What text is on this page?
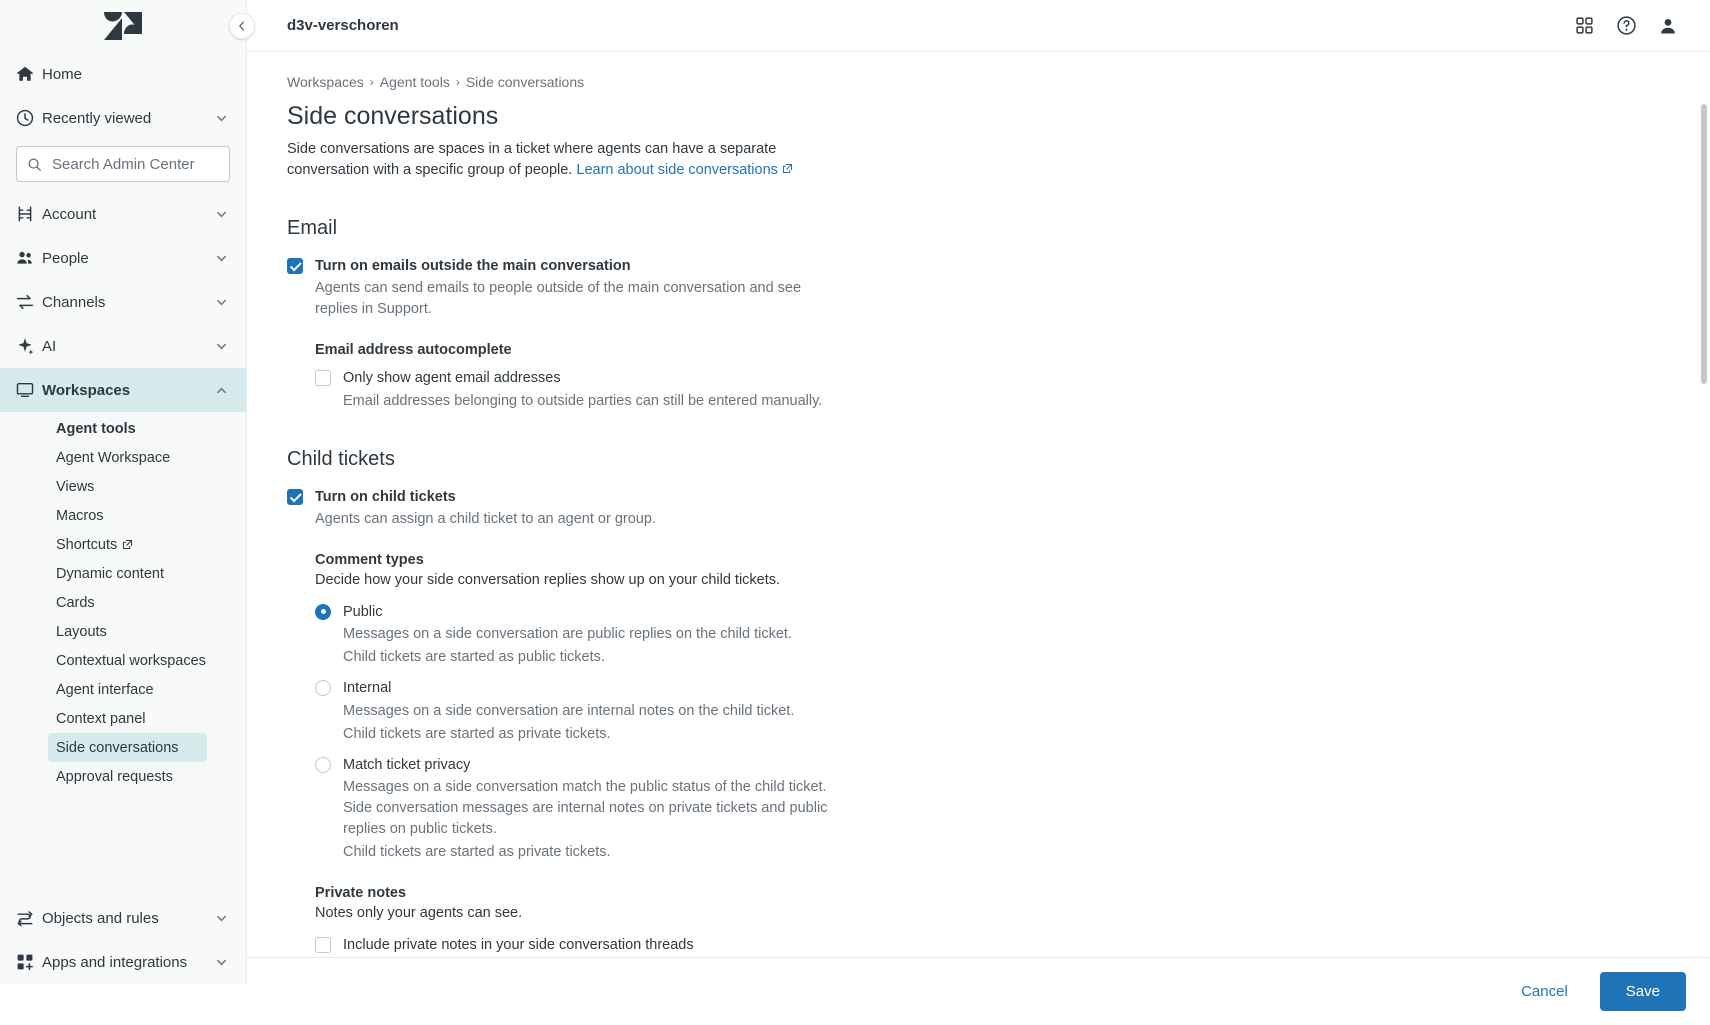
Home
Recently viewed
Search Admin Center
Account
People
Channels
AI
Workspaces
Agent tools
Agent Workspace
Views
Macros
Shortcuts
Dynamic content
Cards
Layouts
Contextual workspaces
Agent interface
Context panel
Side conversations
Approval requests
Objects and rules
Apps and integrations
d3v-verschoren
Workspaces › Agent tools › Side conversations
Side conversations
Side conversations are spaces in a ticket where agents can have a separate conversation with a specific group of people. Learn about side conversations
Email
Turn on emails outside the main conversation
Agents can send emails to people outside of the main conversation and see replies in Support.
Email address autocomplete
Only show agent email addresses
Email addresses belonging to outside parties can still be entered manually.
Child tickets
Turn on child tickets
Agents can assign a child ticket to an agent or group.
Comment types
Decide how your side conversation replies show up on your child tickets.
Public
Messages on a side conversation are public replies on the child ticket.
Child tickets are started as public tickets.
Internal
Messages on a side conversation are internal notes on the child ticket.
Child tickets are started as private tickets.
Match ticket privacy
Messages on a side conversation match the public status of the child ticket. Side conversation messages are internal notes on private tickets and public replies on public tickets.
Child tickets are started as private tickets.
Private notes
Notes only your agents can see.
Include private notes in your side conversation threads
Cancel	Save
